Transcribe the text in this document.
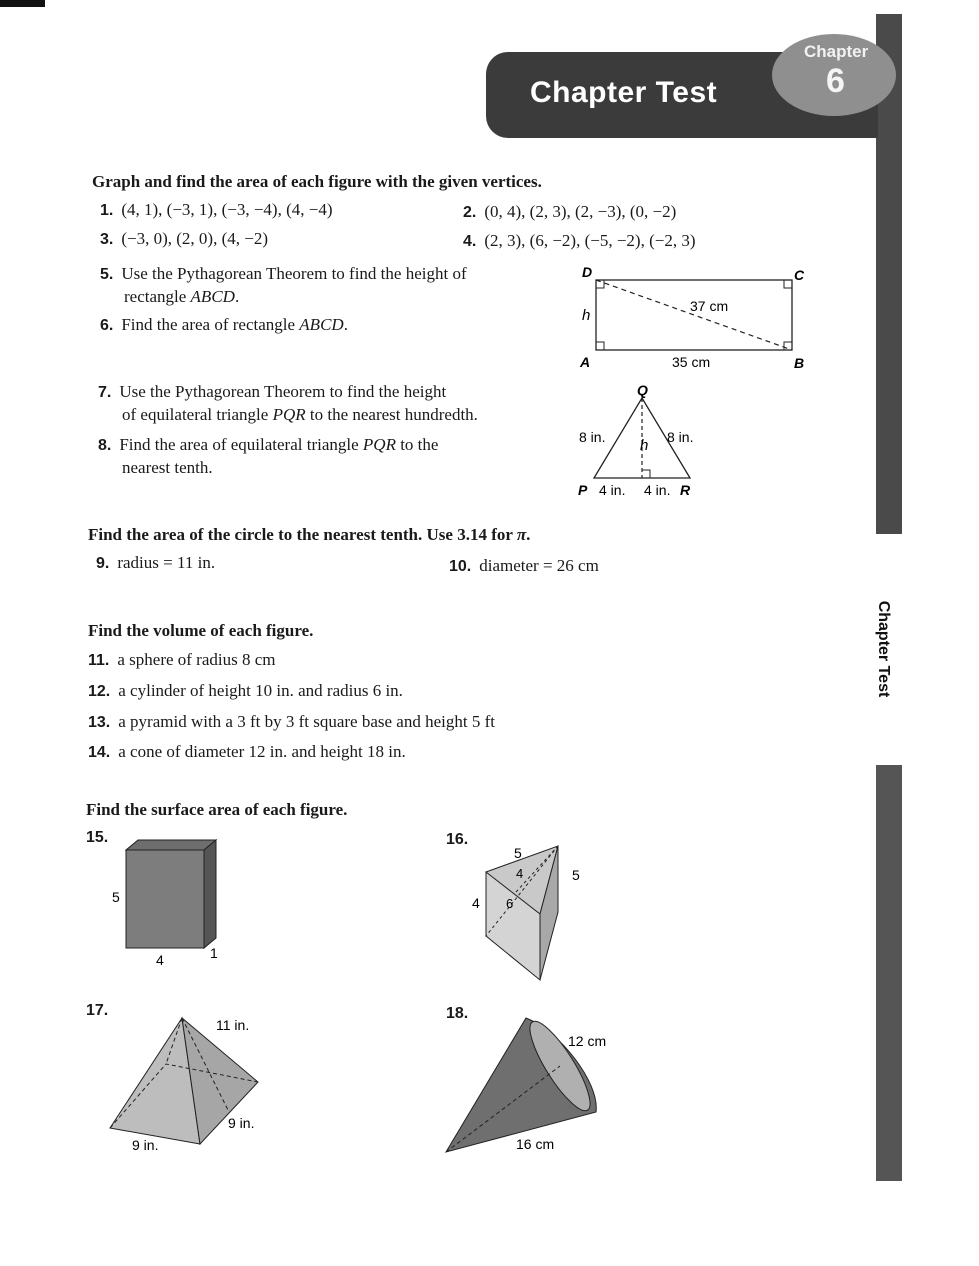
Chapter Test
Chapter Test
Chapter
6
Graph and find the area of each figure with the given vertices.
1. (4, 1), (−3, 1), (−3, −4), (4, −4)	2. (0, 4), (2, 3), (2, −3), (0, −2)
3. (−3, 0), (2, 0), (4, −2)	4. (2, 3), (6, −2), (−5, −2), (−2, 3)
5. Use the Pythagorean Theorem to find the height of
rectangle ABCD.
6. Find the area of rectangle ABCD.
7. Use the Pythagorean Theorem to find the height
of equilateral triangle PQR to the nearest hundredth.
8. Find the area of equilateral triangle PQR to the
nearest tenth.
D	C
A	B
h
37 cm
35 cm
Q
P	R
h
8 in.	8 in.
4 in. 4 in.
Find the area of the circle to the nearest tenth. Use 3.14 for π.
9. radius = 11 in.	10. diameter = 26 cm
Find the volume of each figure.
11. a sphere of radius 8 cm
12. a cylinder of height 10 in. and radius 6 in.
13. a pyramid with a 3 ft by 3 ft square base and height 5 ft
14. a cone of diameter 12 in. and height 18 in.
Find the surface area of each figure.
15.
5
4	1
16.
5
5
4
4
6
17.
11 in.
9 in.
9 in.
18.
12 cm
16 cm
